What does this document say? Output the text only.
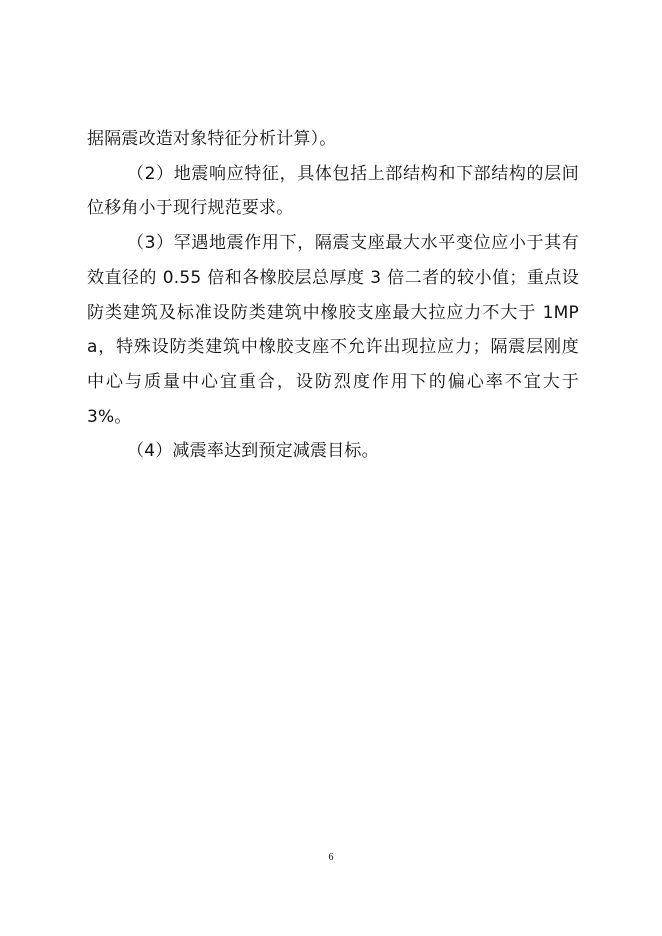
据隔震改造对象特征分析计算）。

（2）地震响应特征，具体包括上部结构和下部结构的层间位移角小于现行规范要求。

（3）罕遇地震作用下，隔震支座最大水平变位应小于其有效直径的 0.55 倍和各橡胶层总厚度 3 倍二者的较小值；重点设防类建筑及标准设防类建筑中橡胶支座最大拉应力不大于 1MPa，特殊设防类建筑中橡胶支座不允许出现拉应力；隔震层刚度中心与质量中心宜重合，设防烈度作用下的偏心率不宜大于 3%。

（4）减震率达到预定减震目标。

6
